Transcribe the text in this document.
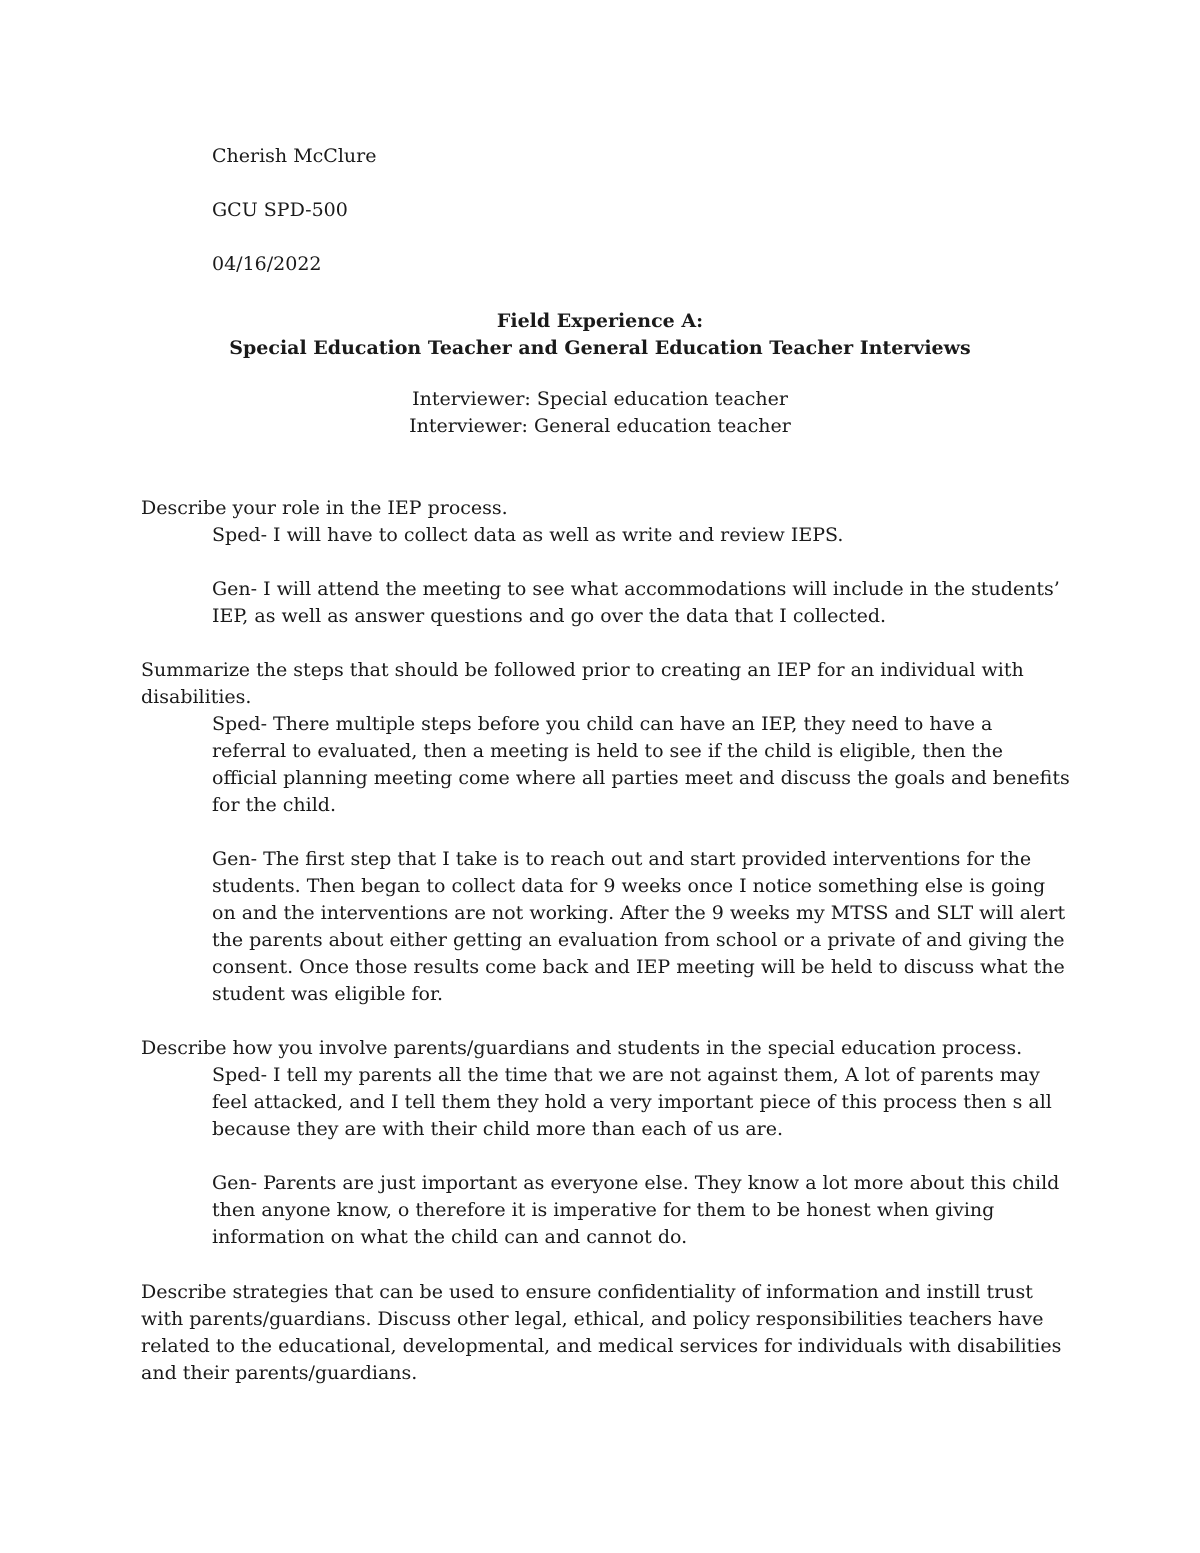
Cherish McClure

GCU SPD-500

04/16/2022

Field Experience A:
Special Education Teacher and General Education Teacher Interviews
Interviewer: Special education teacher
Interviewer: General education teacher

Describe your role in the IEP process.

Sped- I will have to collect data as well as write and review IEPS.

Gen- I will attend the meeting to see what accommodations will include in the students’ IEP, as well as answer questions and go over the data that I collected.

Summarize the steps that should be followed prior to creating an IEP for an individual with disabilities.

Sped- There multiple steps before you child can have an IEP, they need to have a referral to evaluated, then a meeting is held to see if the child is eligible, then the official planning meeting come where all parties meet and discuss the goals and benefits for the child.

Gen- The first step that I take is to reach out and start provided interventions for the students. Then began to collect data for 9 weeks once I notice something else is going on and the interventions are not working. After the 9 weeks my MTSS and SLT will alert the parents about either getting an evaluation from school or a private of and giving the consent. Once those results come back and IEP meeting will be held to discuss what the student was eligible for.

Describe how you involve parents/guardians and students in the special education process.

Sped- I tell my parents all the time that we are not against them, A lot of parents may feel attacked, and I tell them they hold a very important piece of this process then s all because they are with their child more than each of us are.

Gen- Parents are just important as everyone else. They know a lot more about this child then anyone know, o therefore it is imperative for them to be honest when giving information on what the child can and cannot do.

Describe strategies that can be used to ensure confidentiality of information and instill trust with parents/guardians. Discuss other legal, ethical, and policy responsibilities teachers have related to the educational, developmental, and medical services for individuals with disabilities and their parents/guardians.
